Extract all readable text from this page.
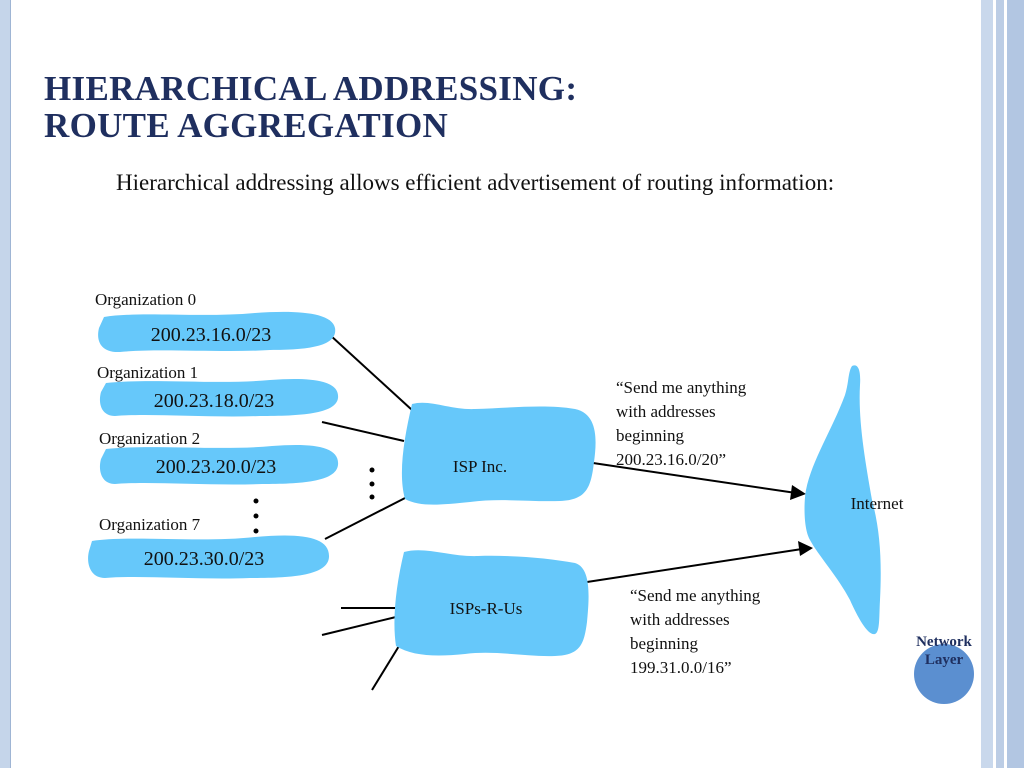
HIERARCHICAL ADDRESSING:
ROUTE AGGREGATION

Hierarchical addressing allows efficient advertisement of routing information:

Organization 0
200.23.16.0/23
Organization 1
200.23.18.0/23
Organization 2
200.23.20.0/23
Organization 7
200.23.30.0/23
ISP Inc.
ISPs-R-Us
Internet
“Send me anything
with addresses
beginning
200.23.16.0/20”
“Send me anything
with addresses
beginning
199.31.0.0/16”
Network Layer
